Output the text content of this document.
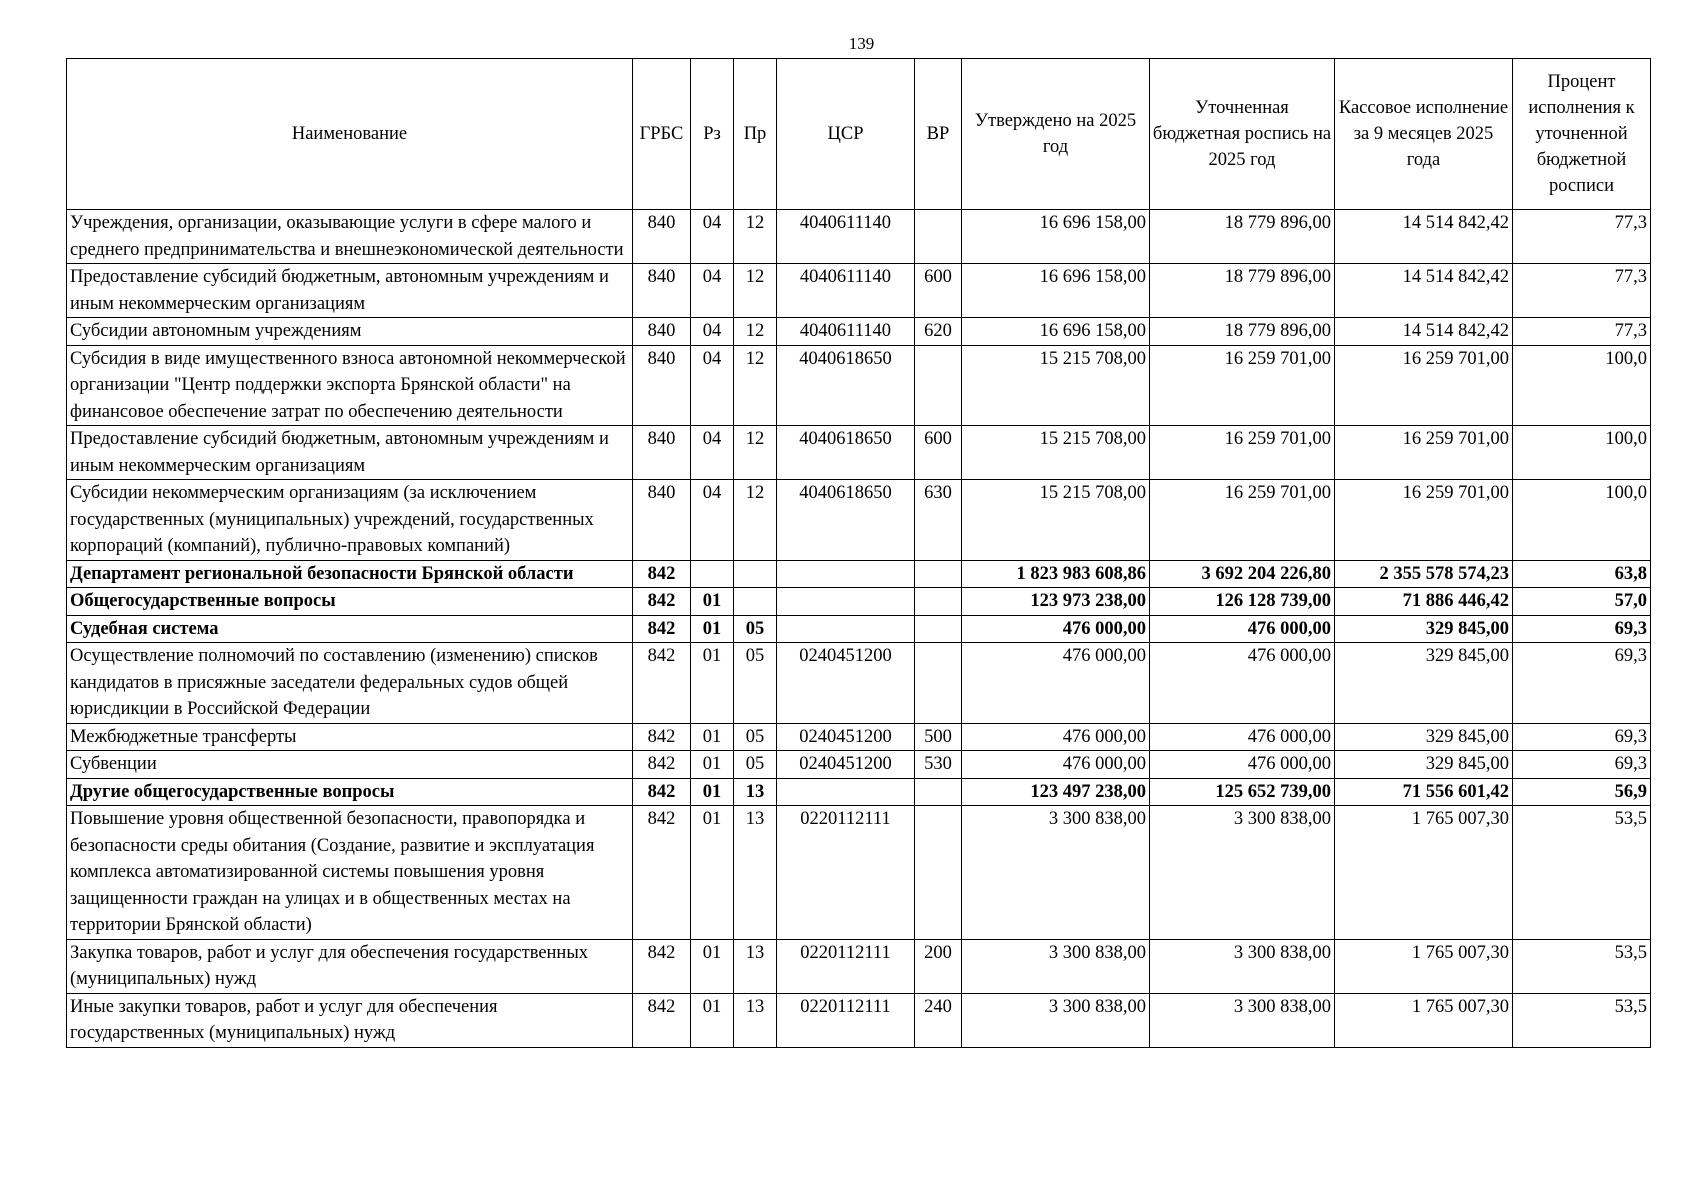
139
Наименование	ГРБС	Рз	Пр	ЦСР	ВР	Утверждено на 2025 год	Уточненная бюджетная роспись на 2025 год	Кассовое исполнение за 9 месяцев 2025 года	Процент исполнения к уточненной бюджетной росписи
Учреждения, организации, оказывающие услуги в сфере малого и среднего предпринимательства и внешнеэкономической деятельности	840	04	12	4040611140		16 696 158,00	18 779 896,00	14 514 842,42	77,3
Предоставление субсидий бюджетным, автономным учреждениям и иным некоммерческим организациям	840	04	12	4040611140	600	16 696 158,00	18 779 896,00	14 514 842,42	77,3
Субсидии автономным учреждениям	840	04	12	4040611140	620	16 696 158,00	18 779 896,00	14 514 842,42	77,3
Субсидия в виде имущественного взноса автономной некоммерческой организации "Центр поддержки экспорта Брянской области" на финансовое обеспечение затрат по обеспечению деятельности	840	04	12	4040618650		15 215 708,00	16 259 701,00	16 259 701,00	100,0
Предоставление субсидий бюджетным, автономным учреждениям и иным некоммерческим организациям	840	04	12	4040618650	600	15 215 708,00	16 259 701,00	16 259 701,00	100,0
Субсидии некоммерческим организациям (за исключением государственных (муниципальных) учреждений, государственных корпораций (компаний), публично-правовых компаний)	840	04	12	4040618650	630	15 215 708,00	16 259 701,00	16 259 701,00	100,0
Департамент региональной безопасности Брянской области	842					1 823 983 608,86	3 692 204 226,80	2 355 578 574,23	63,8
Общегосударственные вопросы	842	01				123 973 238,00	126 128 739,00	71 886 446,42	57,0
Судебная система	842	01	05			476 000,00	476 000,00	329 845,00	69,3
Осуществление полномочий по составлению (изменению) списков кандидатов в присяжные заседатели федеральных судов общей юрисдикции в Российской Федерации	842	01	05	0240451200		476 000,00	476 000,00	329 845,00	69,3
Межбюджетные трансферты	842	01	05	0240451200	500	476 000,00	476 000,00	329 845,00	69,3
Субвенции	842	01	05	0240451200	530	476 000,00	476 000,00	329 845,00	69,3
Другие общегосударственные вопросы	842	01	13			123 497 238,00	125 652 739,00	71 556 601,42	56,9
Повышение уровня общественной безопасности, правопорядка и безопасности среды обитания (Создание, развитие и эксплуатация комплекса автоматизированной системы повышения уровня защищенности граждан на улицах и в общественных местах на территории Брянской области)	842	01	13	0220112111		3 300 838,00	3 300 838,00	1 765 007,30	53,5
Закупка товаров, работ и услуг для обеспечения государственных (муниципальных) нужд	842	01	13	0220112111	200	3 300 838,00	3 300 838,00	1 765 007,30	53,5
Иные закупки товаров, работ и услуг для обеспечения государственных (муниципальных) нужд	842	01	13	0220112111	240	3 300 838,00	3 300 838,00	1 765 007,30	53,5
